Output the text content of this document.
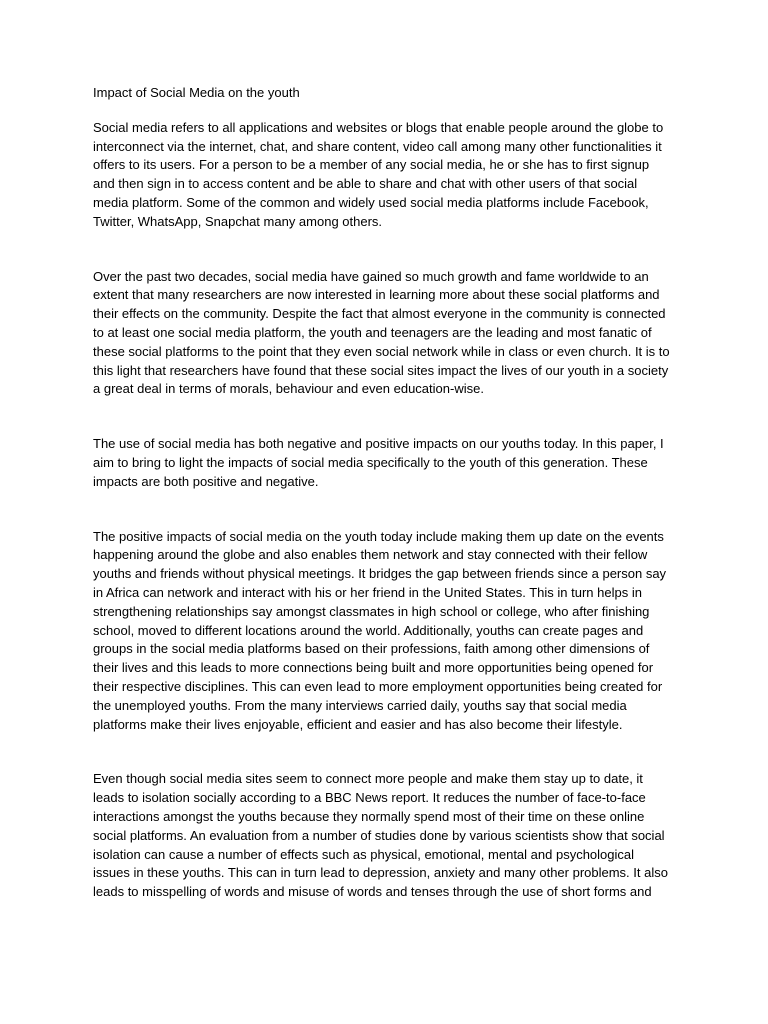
Impact of Social Media on the youth

Social media refers to all applications and websites or blogs that enable people around the globe to interconnect via the internet, chat, and share content, video call among many other functionalities it offers to its users. For a person to be a member of any social media, he or she has to first signup and then sign in to access content and be able to share and chat with other users of that social media platform. Some of the common and widely used social media platforms include Facebook, Twitter, WhatsApp, Snapchat many among others.

Over the past two decades, social media have gained so much growth and fame worldwide to an extent that many researchers are now interested in learning more about these social platforms and their effects on the community. Despite the fact that almost everyone in the community is connected to at least one social media platform, the youth and teenagers are the leading and most fanatic of these social platforms to the point that they even social network while in class or even church. It is to this light that researchers have found that these social sites impact the lives of our youth in a society a great deal in terms of morals, behaviour and even education-wise.

The use of social media has both negative and positive impacts on our youths today. In this paper, I aim to bring to light the impacts of social media specifically to the youth of this generation. These impacts are both positive and negative.

The positive impacts of social media on the youth today include making them up date on the events happening around the globe and also enables them network and stay connected with their fellow youths and friends without physical meetings. It bridges the gap between friends since a person say in Africa can network and interact with his or her friend in the United States. This in turn helps in strengthening relationships say amongst classmates in high school or college, who after finishing school, moved to different locations around the world. Additionally, youths can create pages and groups in the social media platforms based on their professions, faith among other dimensions of their lives and this leads to more connections being built and more opportunities being opened for their respective disciplines. This can even lead to more employment opportunities being created for the unemployed youths. From the many interviews carried daily, youths say that social media platforms make their lives enjoyable, efficient and easier and has also become their lifestyle.

Even though social media sites seem to connect more people and make them stay up to date, it leads to isolation socially according to a BBC News report. It reduces the number of face-to-face interactions amongst the youths because they normally spend most of their time on these online social platforms. An evaluation from a number of studies done by various scientists show that social isolation can cause a number of effects such as physical, emotional, mental and psychological issues in these youths. This can in turn lead to depression, anxiety and many other problems. It also leads to misspelling of words and misuse of words and tenses through the use of short forms and
